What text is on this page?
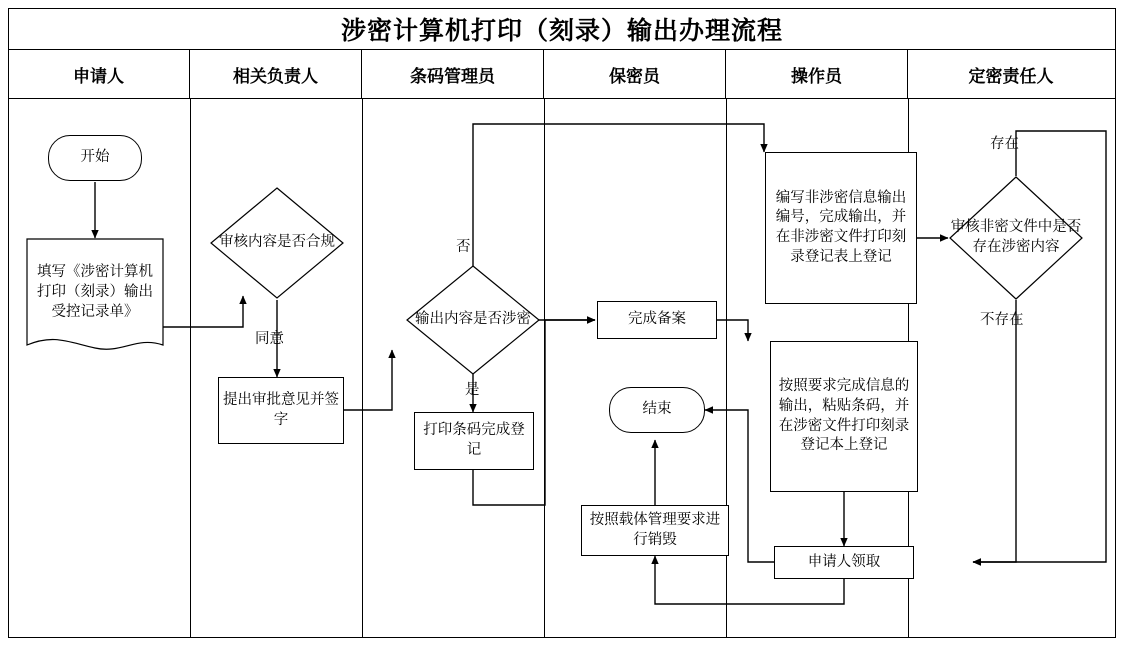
涉密计算机打印（刻录）输出办理流程
申请人	相关负责人	条码管理员	保密员	操作员	定密责任人
开始
填写《涉密计算机打印（刻录）输出受控记录单》
审核内容是否合规
同意
提出审批意见并签字
输出内容是否涉密
否
是
打印条码完成登记
完成备案
结束
按照载体管理要求进行销毁
编写非涉密信息输出编号，完成输出，并在非涉密文件打印刻录登记表上登记
按照要求完成信息的输出，粘贴条码，并在涉密文件打印刻录登记本上登记
申请人领取
审核非密文件中是否存在涉密内容
存在
不存在
